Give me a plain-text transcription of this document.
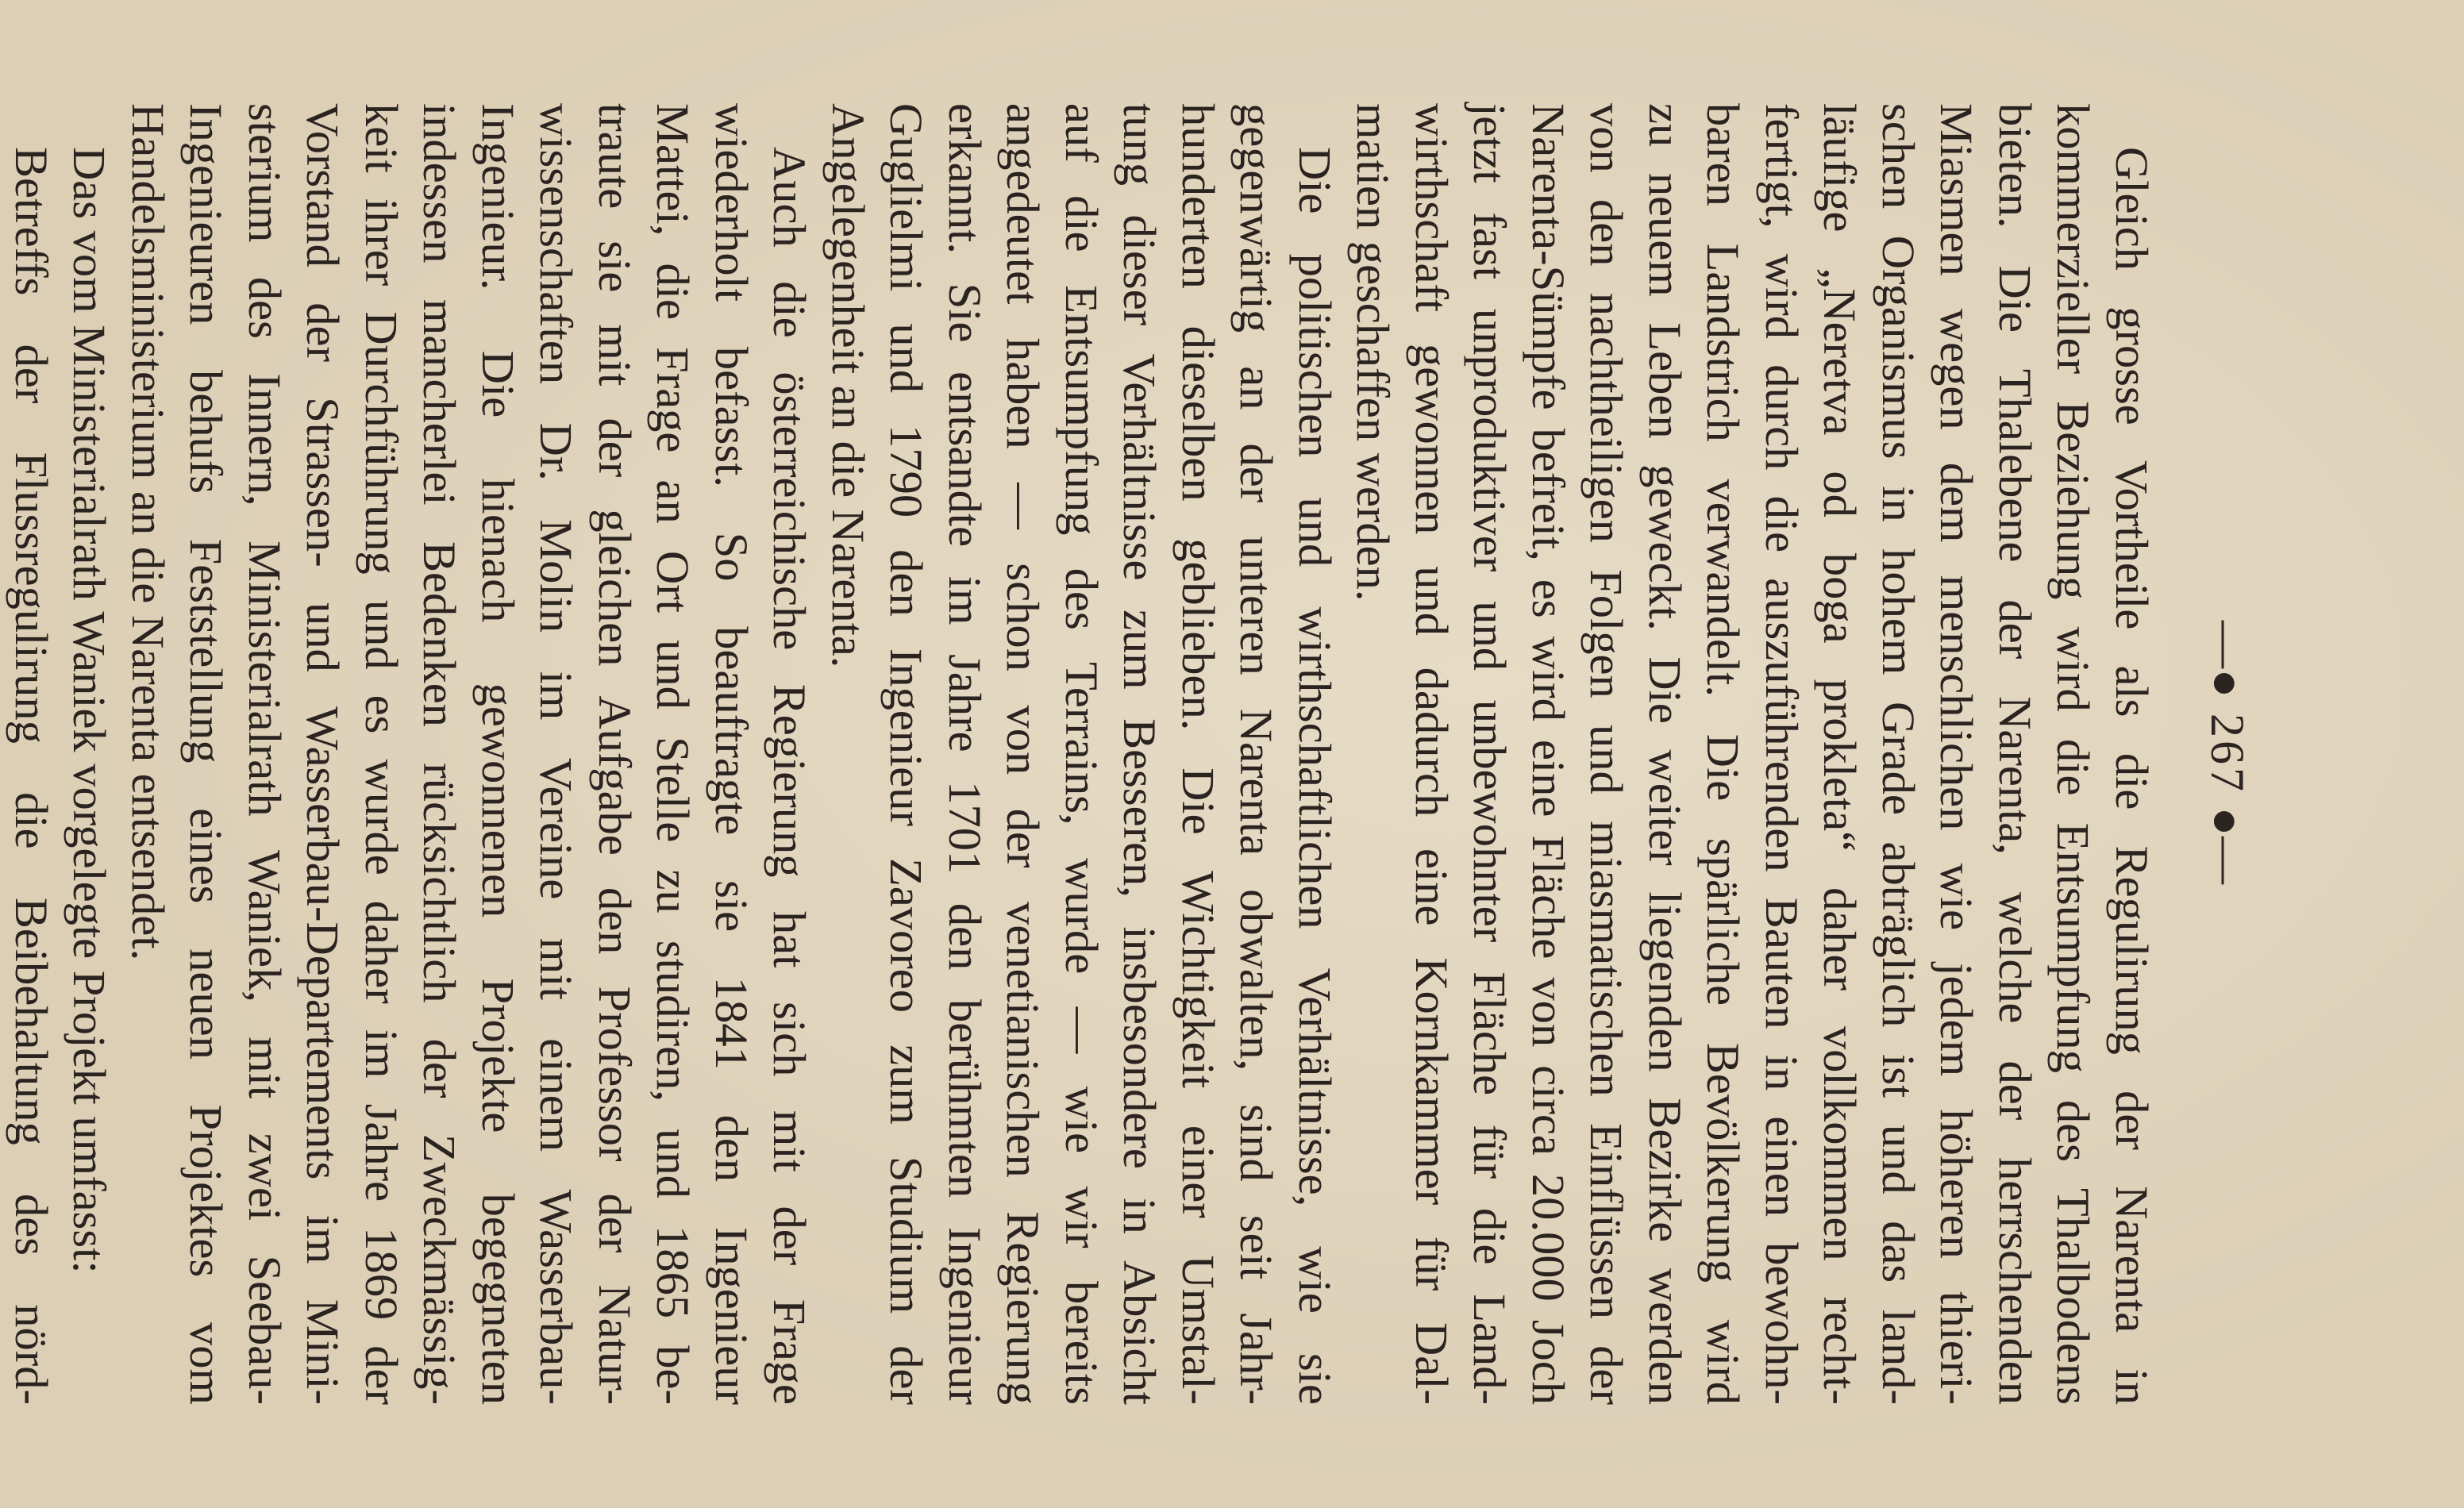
—⦁ 267 ⦁—
Gleich grosse Vortheile als die Regulirung der Narenta in
kommerzieller Beziehung wird die Entsumpfung des Thalbodens
bieten. Die Thalebene der Narenta, welche der herrschenden
Miasmen wegen dem menschlichen wie jedem höheren thieri-
schen Organismus in hohem Grade abträglich ist und das land-
läufige „Neretva od boga prokleta“ daher vollkommen recht-
fertigt, wird durch die auszuführenden Bauten in einen bewohn-
baren Landstrich verwandelt. Die spärliche Bevölkerung wird
zu neuem Leben geweckt. Die weiter liegenden Bezirke werden
von den nachtheiligen Folgen und miasmatischen Einflüssen der
Narenta-Sümpfe befreit, es wird eine Fläche von circa 20.000 Joch
jetzt fast unproduktiver und unbewohnter Fläche für die Land-
wirthschaft gewonnen und dadurch eine Kornkammer für Dal-
matien geschaffen werden.
Die politischen und wirthschaftlichen Verhältnisse, wie sie
gegenwärtig an der unteren Narenta obwalten, sind seit Jahr-
hunderten dieselben geblieben. Die Wichtigkeit einer Umstal-
tung dieser Verhältnisse zum Besseren, insbesondere in Absicht
auf die Entsumpfung des Terrains, wurde — wie wir bereits
angedeutet haben — schon von der venetianischen Regierung
erkannt. Sie entsandte im Jahre 1701 den berühmten Ingenieur
Guglielmi und 1790 den Ingenieur Zavoreo zum Studium der
Angelegenheit an die Narenta.
Auch die österreichische Regierung hat sich mit der Frage
wiederholt befasst. So beauftragte sie 1841 den Ingenieur
Mattei, die Frage an Ort und Stelle zu studiren, und 1865 be-
traute sie mit der gleichen Aufgabe den Professor der Natur-
wissenschaften Dr. Molin im Vereine mit einem Wasserbau-
Ingenieur. Die hienach gewonnenen Projekte begegneten
indessen mancherlei Bedenken rücksichtlich der Zweckmässig-
keit ihrer Durchführung und es wurde daher im Jahre 1869 der
Vorstand der Strassen- und Wasserbau-Departements im Mini-
sterium des Innern, Ministerialrath Waniek, mit zwei Seebau-
Ingenieuren behufs Feststellung eines neuen Projektes vom
Handelsministerium an die Narenta entsendet.
Das vom Ministerialrath Waniek vorgelegte Projekt umfasst:
Betreffs der Flussregulirung die Beibehaltung des nörd-
